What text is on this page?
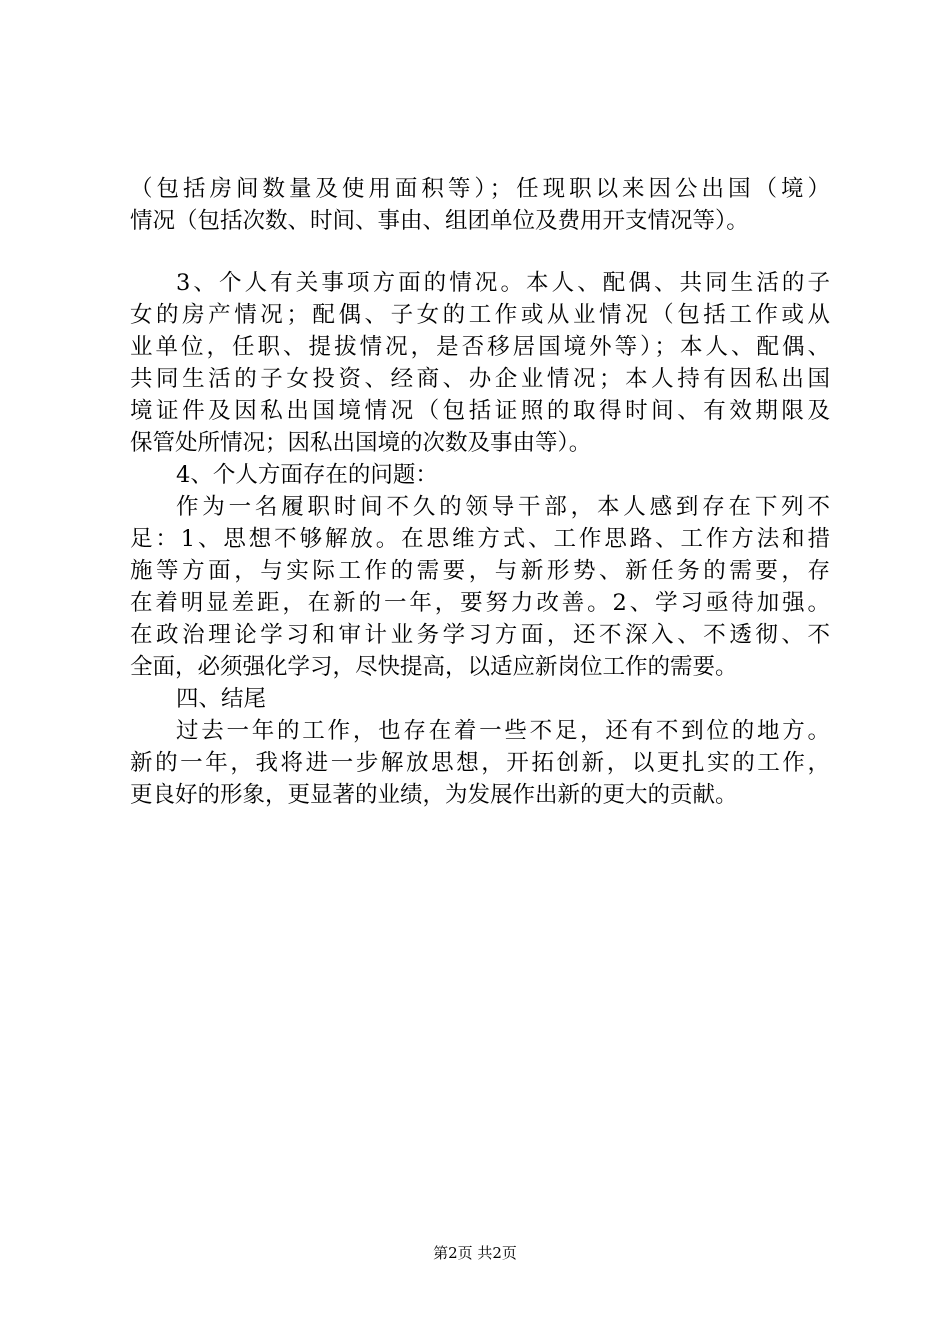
（包括房间数量及使用面积等）；任现职以来因公出国（境）
情况（包括次数、时间、事由、组团单位及费用开支情况等）。
3、个人有关事项方面的情况。本人、配偶、共同生活的子
女的房产情况；配偶、子女的工作或从业情况（包括工作或从
业单位，任职、提拔情况，是否移居国境外等）；本人、配偶、
共同生活的子女投资、经商、办企业情况；本人持有因私出国
境证件及因私出国境情况（包括证照的取得时间、有效期限及
保管处所情况；因私出国境的次数及事由等）。
4、个人方面存在的问题：
作为一名履职时间不久的领导干部，本人感到存在下列不
足：1、思想不够解放。在思维方式、工作思路、工作方法和措
施等方面，与实际工作的需要，与新形势、新任务的需要，存
在着明显差距，在新的一年，要努力改善。2、学习亟待加强。
在政治理论学习和审计业务学习方面，还不深入、不透彻、不
全面，必须强化学习，尽快提高，以适应新岗位工作的需要。
四、结尾
过去一年的工作，也存在着一些不足，还有不到位的地方。
新的一年，我将进一步解放思想，开拓创新，以更扎实的工作，
更良好的形象，更显著的业绩，为发展作出新的更大的贡献。
第2页 共2页
